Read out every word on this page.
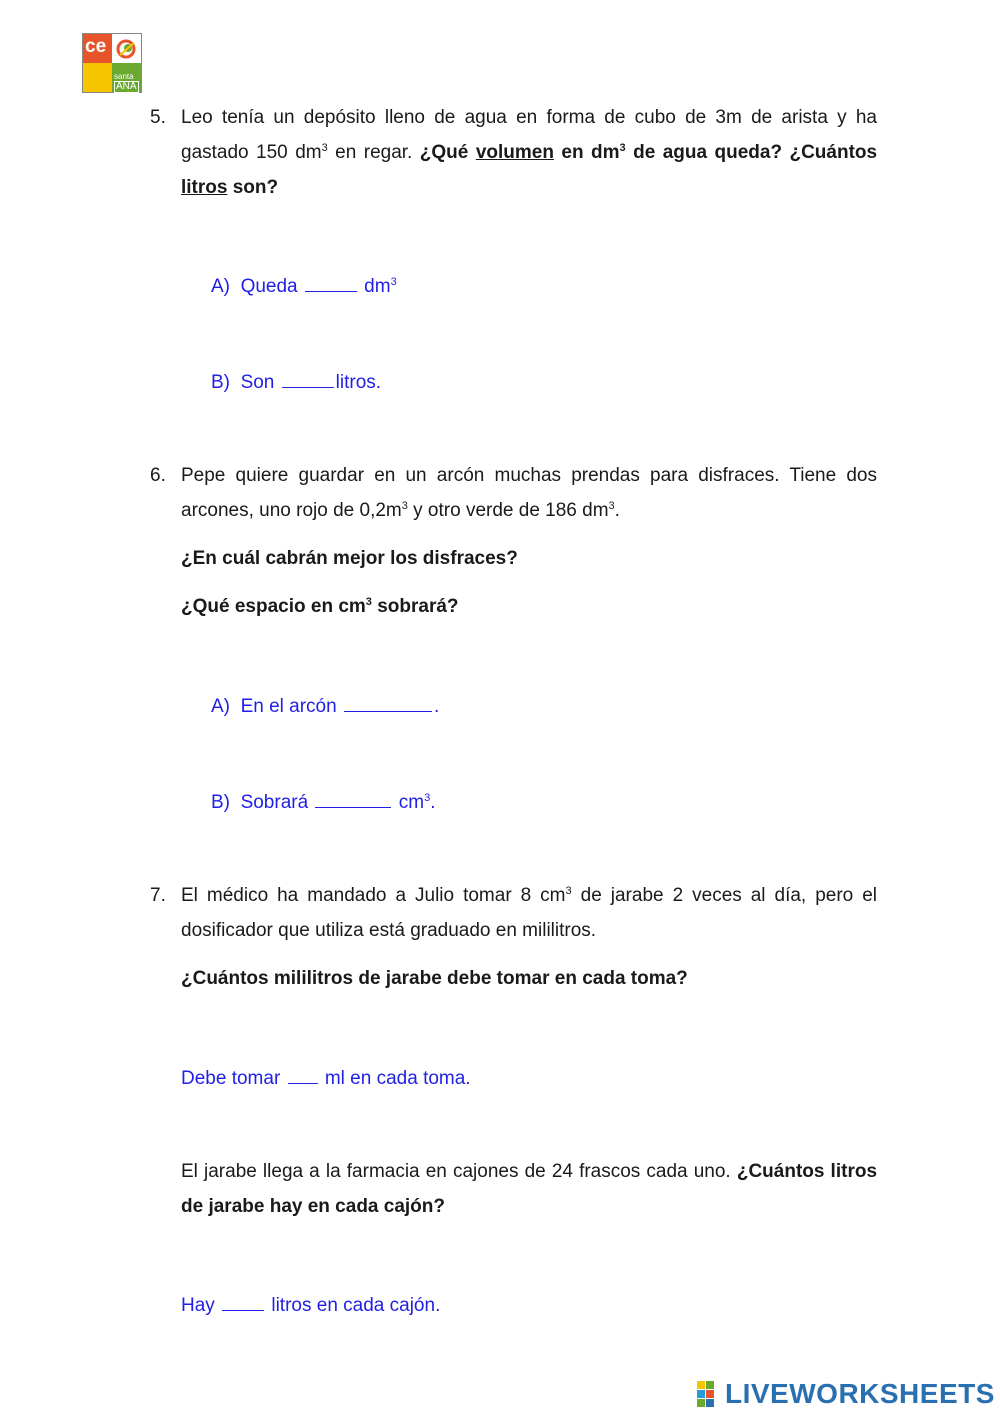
ce
santa
ANA
5. Leo tenía un depósito lleno de agua en forma de cubo de 3m de arista y ha gastado 150 $dm^3$ en regar. ¿Qué volumen en $dm^3$ de agua queda? ¿Cuántos litros son?
A) Queda	$dm^3$
B) Son	litros.
6. Pepe quiere guardar en un arcón muchas prendas para disfraces. Tiene dos arcones, uno rojo de $0,2m^3$ y otro verde de 186 $dm^3$.
¿En cuál cabrán mejor los disfraces?
¿Qué espacio en $cm^3$ sobrará?
A) En el arcón	.
B) Sobrará	$cm^3$.
7. El médico ha mandado a Julio tomar 8 $cm^3$ de jarabe 2 veces al día, pero el dosificador que utiliza está graduado en mililitros.
¿Cuántos mililitros de jarabe debe tomar en cada toma?
Debe tomar ml en cada toma.
El jarabe llega a la farmacia en cajones de 24 frascos cada uno. ¿Cuántos litros de jarabe hay en cada cajón?
Hay	litros en cada cajón.
LIVEWORKSHEETS
